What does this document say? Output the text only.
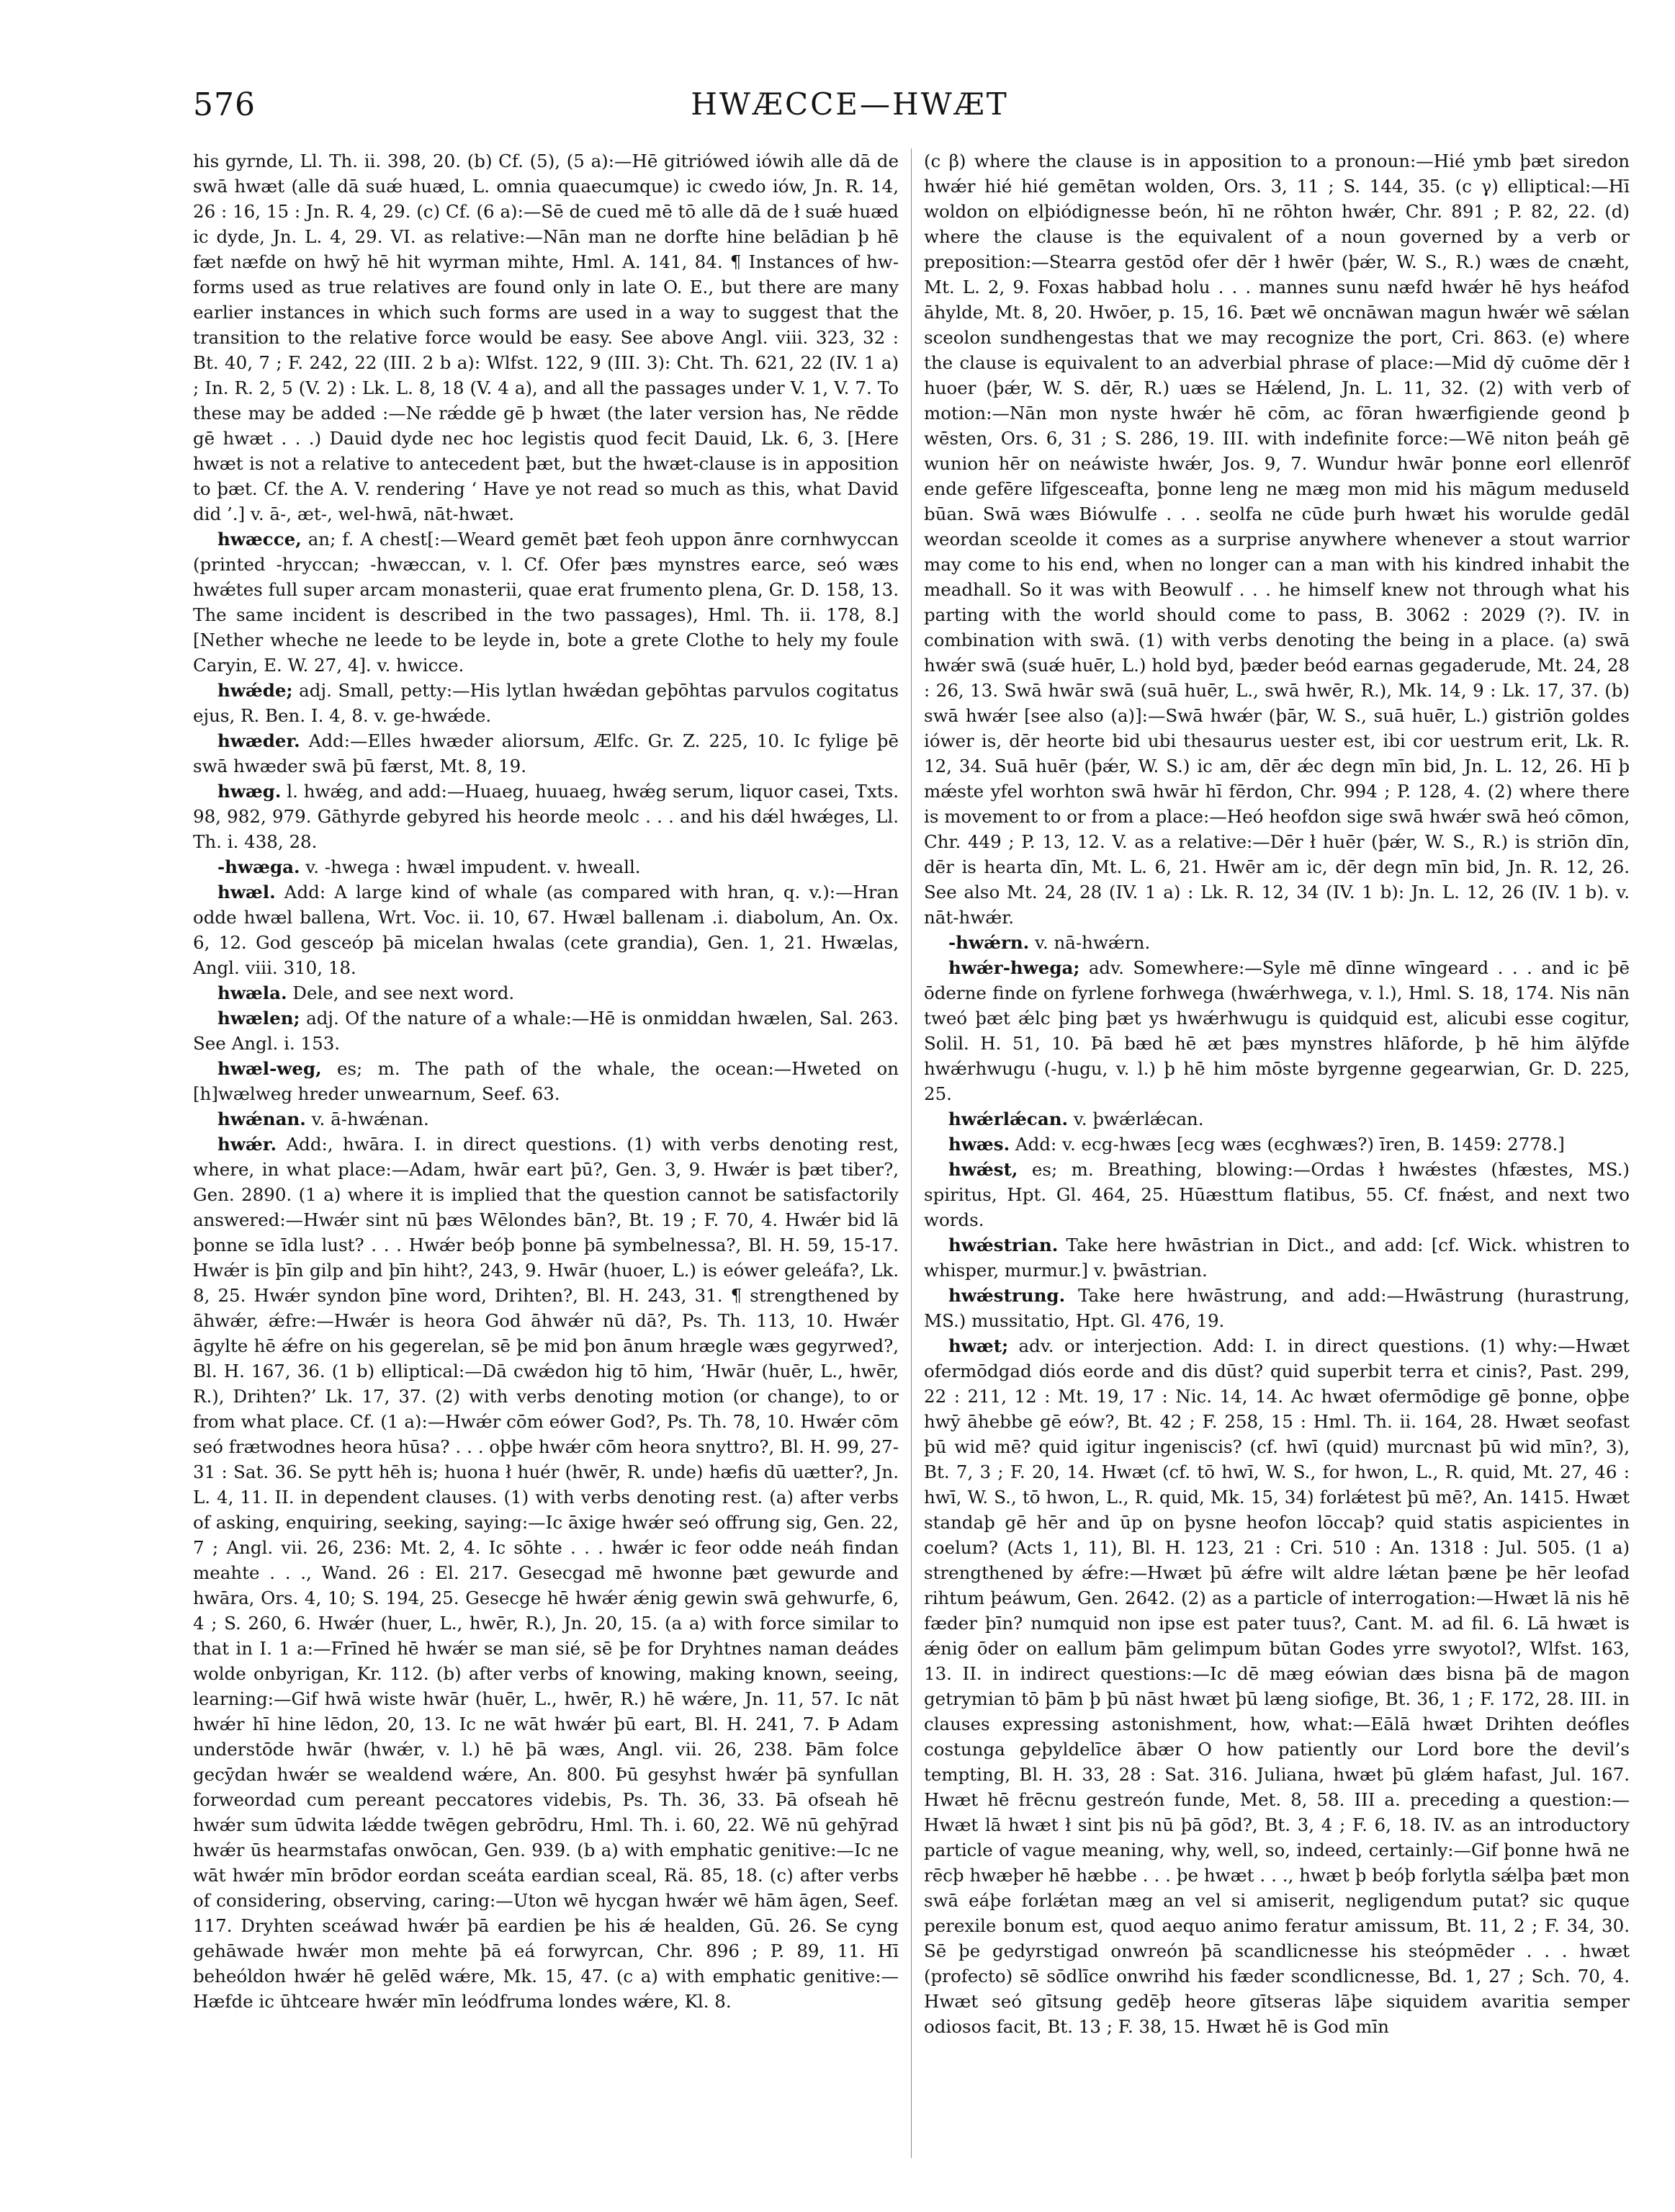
576	HWÆCCE—HWÆT

his gyrnde, Ll. Th. ii. 398, 20. (b) Cf. (5), (5 a):—Hē gitriówed iówih alle dā de swā hwæt (alle dā suǽ huæd, L. omnia quaecumque) ic cwedo iów, Jn. R. 14, 26 : 16, 15 : Jn. R. 4, 29. (c) Cf. (6 a):—Sē de cued mē tō alle dā de ł suǽ huæd ic dyde, Jn. L. 4, 29. VI. as relative:—Nān man ne dorfte hine belādian þ hē fæt næfde on hwȳ hē hit wyrman mihte, Hml. A. 141, 84. ¶ Instances of hw- forms used as true relatives are found only in late O. E., but there are many earlier instances in which such forms are used in a way to suggest that the transition to the relative force would be easy. See above Angl. viii. 323, 32 : Bt. 40, 7 ; F. 242, 22 (III. 2 b a): Wlfst. 122, 9 (III. 3): Cht. Th. 621, 22 (IV. 1 a) ; In. R. 2, 5 (V. 2) : Lk. L. 8, 18 (V. 4 a), and all the passages under V. 1, V. 7. To these may be added :—Ne rǽdde gē þ hwæt (the later version has, Ne rēdde gē hwæt . . .) Dauid dyde nec hoc legistis quod fecit Dauid, Lk. 6, 3. [Here hwæt is not a relative to antecedent þæt, but the hwæt-clause is in apposition to þæt. Cf. the A. V. rendering ‘ Have ye not read so much as this, what David did ’.] v. ā-, æt-, wel-hwā, nāt-hwæt.

hwæcce, an; f. A chest[:—Weard gemēt þæt feoh uppon ānre cornhwyccan (printed -hryccan; -hwæccan, v. l. Cf. Ofer þæs mynstres earce, seó wæs hwǽtes full super arcam monasterii, quae erat frumento plena, Gr. D. 158, 13. The same incident is described in the two passages), Hml. Th. ii. 178, 8.] [Nether wheche ne leede to be leyde in, bote a grete Clothe to hely my foule Caryin, E. W. 27, 4]. v. hwicce.

hwǽde; adj. Small, petty:—His lytlan hwǽdan geþōhtas parvulos cogitatus ejus, R. Ben. I. 4, 8. v. ge-hwǽde.

hwæder. Add:—Elles hwæder aliorsum, Ælfc. Gr. Z. 225, 10. Ic fylige þē swā hwæder swā þū færst, Mt. 8, 19.

hwæg. l. hwǽg, and add:—Huaeg, huuaeg, hwǽg serum, liquor casei, Txts. 98, 982, 979. Gāthyrde gebyred his heorde meolc . . . and his dǽl hwǽges, Ll. Th. i. 438, 28.

-hwæga. v. -hwega : hwæl impudent. v. hweall.

hwæl. Add: A large kind of whale (as compared with hran, q. v.):—Hran odde hwæl ballena, Wrt. Voc. ii. 10, 67. Hwæl ballenam .i. diabolum, An. Ox. 6, 12. God gesceóp þā micelan hwalas (cete grandia), Gen. 1, 21. Hwælas, Angl. viii. 310, 18.

hwæla. Dele, and see next word.

hwælen; adj. Of the nature of a whale:—Hē is onmiddan hwælen, Sal. 263. See Angl. i. 153.

hwæl-weg, es; m. The path of the whale, the ocean:—Hweted on [h]wælweg hreder unwearnum, Seef. 63.

hwǽnan. v. ā-hwǽnan.

hwǽr. Add:, hwāra. I. in direct questions. (1) with verbs denoting rest, where, in what place:—Adam, hwār eart þū?, Gen. 3, 9. Hwǽr is þæt tiber?, Gen. 2890. (1 a) where it is implied that the question cannot be satisfactorily answered:—Hwǽr sint nū þæs Wēlondes bān?, Bt. 19 ; F. 70, 4. Hwǽr bid lā þonne se īdla lust? . . . Hwǽr beóþ þonne þā symbelnessa?, Bl. H. 59, 15-17. Hwǽr is þīn gilp and þīn hiht?, 243, 9. Hwār (huoer, L.) is eówer geleáfa?, Lk. 8, 25. Hwǽr syndon þīne word, Drihten?, Bl. H. 243, 31. ¶ strengthened by āhwǽr, ǽfre:—Hwǽr is heora God āhwǽr nū dā?, Ps. Th. 113, 10. Hwǽr āgylte hē ǽfre on his gegerelan, sē þe mid þon ānum hrægle wæs gegyrwed?, Bl. H. 167, 36. (1 b) elliptical:—Dā cwǽdon hig tō him, ‘Hwār (huēr, L., hwēr, R.), Drihten?’ Lk. 17, 37. (2) with verbs denoting motion (or change), to or from what place. Cf. (1 a):—Hwǽr cōm eówer God?, Ps. Th. 78, 10. Hwǽr cōm seó frætwodnes heora hūsa? . . . oþþe hwǽr cōm heora snyttro?, Bl. H. 99, 27-31 : Sat. 36. Se pytt hēh is; huona ł huér (hwēr, R. unde) hæfis dū uætter?, Jn. L. 4, 11. II. in dependent clauses. (1) with verbs denoting rest. (a) after verbs of asking, enquiring, seeking, saying:—Ic āxige hwǽr seó offrung sig, Gen. 22, 7 ; Angl. vii. 26, 236: Mt. 2, 4. Ic sōhte . . . hwǽr ic feor odde neáh findan meahte . . ., Wand. 26 : El. 217. Gesecgad mē hwonne þæt gewurde and hwāra, Ors. 4, 10; S. 194, 25. Gesecge hē hwǽr ǽnig gewin swā gehwurfe, 6, 4 ; S. 260, 6. Hwǽr (huer, L., hwēr, R.), Jn. 20, 15. (a a) with force similar to that in I. 1 a:—Frīned hē hwǽr se man sié, sē þe for Dryhtnes naman deádes wolde onbyrigan, Kr. 112. (b) after verbs of knowing, making known, seeing, learning:—Gif hwā wiste hwār (huēr, L., hwēr, R.) hē wǽre, Jn. 11, 57. Ic nāt hwǽr hī hine lēdon, 20, 13. Ic ne wāt hwǽr þū eart, Bl. H. 241, 7. Þ Adam understōde hwār (hwǽr, v. l.) hē þā wæs, Angl. vii. 26, 238. Þām folce gecȳdan hwǽr se wealdend wǽre, An. 800. Þū gesyhst hwǽr þā synfullan forweordad cum pereant peccatores videbis, Ps. Th. 36, 33. Þā ofseah hē hwǽr sum ūdwita lǽdde twēgen gebrōdru, Hml. Th. i. 60, 22. Wē nū gehȳrad hwǽr ūs hearmstafas onwōcan, Gen. 939. (b a) with emphatic genitive:—Ic ne wāt hwǽr mīn brōdor eordan sceáta eardian sceal, Rä. 85, 18. (c) after verbs of considering, observing, caring:—Uton wē hycgan hwǽr wē hām āgen, Seef. 117. Dryhten sceáwad hwǽr þā eardien þe his ǽ healden, Gū. 26. Se cyng gehāwade hwǽr mon mehte þā eá forwyrcan, Chr. 896 ; P. 89, 11. Hī beheóldon hwǽr hē gelēd wǽre, Mk. 15, 47. (c a) with emphatic genitive:—Hæfde ic ūhtceare hwǽr mīn leódfruma londes wǽre, Kl. 8.

(c β) where the clause is in apposition to a pronoun:—Hié ymb þæt siredon hwǽr hié hié gemētan wolden, Ors. 3, 11 ; S. 144, 35. (c γ) elliptical:—Hī woldon on elþiódignesse beón, hī ne rōhton hwǽr, Chr. 891 ; P. 82, 22. (d) where the clause is the equivalent of a noun governed by a verb or preposition:—Stearra gestōd ofer dēr ł hwēr (þǽr, W. S., R.) wæs de cnæht, Mt. L. 2, 9. Foxas habbad holu . . . mannes sunu næfd hwǽr hē hys heáfod āhylde, Mt. 8, 20. Hwōer, p. 15, 16. Þæt wē oncnāwan magun hwǽr wē sǽlan sceolon sundhengestas that we may recognize the port, Cri. 863. (e) where the clause is equivalent to an adverbial phrase of place:—Mid dȳ cuōme dēr ł huoer (þǽr, W. S. dēr, R.) uæs se Hǽlend, Jn. L. 11, 32. (2) with verb of motion:—Nān mon nyste hwǽr hē cōm, ac fōran hwærfigiende geond þ wēsten, Ors. 6, 31 ; S. 286, 19. III. with indefinite force:—Wē niton þeáh gē wunion hēr on neáwiste hwǽr, Jos. 9, 7. Wundur hwār þonne eorl ellenrōf ende gefēre līfgesceafta, þonne leng ne mæg mon mid his māgum meduseld būan. Swā wæs Biówulfe . . . seolfa ne cūde þurh hwæt his worulde gedāl weordan sceolde it comes as a surprise anywhere whenever a stout warrior may come to his end, when no longer can a man with his kindred inhabit the meadhall. So it was with Beowulf . . . he himself knew not through what his parting with the world should come to pass, B. 3062 : 2029 (?). IV. in combination with swā. (1) with verbs denoting the being in a place. (a) swā hwǽr swā (suǽ huēr, L.) hold byd, þæder beód earnas gegaderude, Mt. 24, 28 : 26, 13. Swā hwār swā (suā huēr, L., swā hwēr, R.), Mk. 14, 9 : Lk. 17, 37. (b) swā hwǽr [see also (a)]:—Swā hwǽr (þār, W. S., suā huēr, L.) gistriōn goldes iówer is, dēr heorte bid ubi thesaurus uester est, ibi cor uestrum erit, Lk. R. 12, 34. Suā huēr (þǽr, W. S.) ic am, dēr ǽc degn mīn bid, Jn. L. 12, 26. Hī þ mǽste yfel worhton swā hwār hī fērdon, Chr. 994 ; P. 128, 4. (2) where there is movement to or from a place:—Heó heofdon sige swā hwǽr swā heó cōmon, Chr. 449 ; P. 13, 12. V. as a relative:—Dēr ł huēr (þǽr, W. S., R.) is striōn dīn, dēr is hearta dīn, Mt. L. 6, 21. Hwēr am ic, dēr degn mīn bid, Jn. R. 12, 26. See also Mt. 24, 28 (IV. 1 a) : Lk. R. 12, 34 (IV. 1 b): Jn. L. 12, 26 (IV. 1 b). v. nāt-hwǽr.

-hwǽrn. v. nā-hwǽrn.

hwǽr-hwega; adv. Somewhere:—Syle mē dīnne wīngeard . . . and ic þē ōderne finde on fyrlene forhwega (hwǽrhwega, v. l.), Hml. S. 18, 174. Nis nān tweó þæt ǽlc þing þæt ys hwǽrhwugu is quidquid est, alicubi esse cogitur, Solil. H. 51, 10. Þā bæd hē æt þæs mynstres hlāforde, þ hē him ālȳfde hwǽrhwugu (-hugu, v. l.) þ hē him mōste byrgenne gegearwian, Gr. D. 225, 25.

hwǽrlǽcan. v. þwǽrlǽcan.

hwæs. Add: v. ecg-hwæs [ecg wæs (ecghwæs?) īren, B. 1459: 2778.]

hwǽst, es; m. Breathing, blowing:—Ordas ł hwǽstes (hfæstes, MS.) spiritus, Hpt. Gl. 464, 25. Hūæsttum flatibus, 55. Cf. fnǽst, and next two words.

hwǽstrian. Take here hwāstrian in Dict., and add: [cf. Wick. whistren to whisper, murmur.] v. þwāstrian.

hwǽstrung. Take here hwāstrung, and add:—Hwāstrung (hurastrung, MS.) mussitatio, Hpt. Gl. 476, 19.

hwæt; adv. or interjection. Add: I. in direct questions. (1) why:—Hwæt ofermōdgad diós eorde and dis dūst? quid superbit terra et cinis?, Past. 299, 22 : 211, 12 : Mt. 19, 17 : Nic. 14, 14. Ac hwæt ofermōdige gē þonne, oþþe hwȳ āhebbe gē eów?, Bt. 42 ; F. 258, 15 : Hml. Th. ii. 164, 28. Hwæt seofast þū wid mē? quid igitur ingeniscis? (cf. hwī (quid) murcnast þū wid mīn?, 3), Bt. 7, 3 ; F. 20, 14. Hwæt (cf. tō hwī, W. S., for hwon, L., R. quid, Mt. 27, 46 : hwī, W. S., tō hwon, L., R. quid, Mk. 15, 34) forlǽtest þū mē?, An. 1415. Hwæt standaþ gē hēr and ūp on þysne heofon lōccaþ? quid statis aspicientes in coelum? (Acts 1, 11), Bl. H. 123, 21 : Cri. 510 : An. 1318 : Jul. 505. (1 a) strengthened by ǽfre:—Hwæt þū ǽfre wilt aldre lǽtan þæne þe hēr leofad rihtum þeáwum, Gen. 2642. (2) as a particle of interrogation:—Hwæt lā nis hē fæder þīn? numquid non ipse est pater tuus?, Cant. M. ad fil. 6. Lā hwæt is ǽnig ōder on eallum þām gelimpum būtan Godes yrre swyotol?, Wlfst. 163, 13. II. in indirect questions:—Ic dē mæg eówian dæs bisna þā de magon getrymian tō þām þ þū nāst hwæt þū læng siofige, Bt. 36, 1 ; F. 172, 28. III. in clauses expressing astonishment, how, what:—Eālā hwæt Drihten deófles costunga geþyldelīce ābær O how patiently our Lord bore the devil’s tempting, Bl. H. 33, 28 : Sat. 316. Juliana, hwæt þū glǽm hafast, Jul. 167. Hwæt hē frēcnu gestreón funde, Met. 8, 58. III a. preceding a question:—Hwæt lā hwæt ł sint þis nū þā gōd?, Bt. 3, 4 ; F. 6, 18. IV. as an introductory particle of vague meaning, why, well, so, indeed, certainly:—Gif þonne hwā ne rēcþ hwæþer hē hæbbe . . . þe hwæt . . ., hwæt þ beóþ forlytla sǽlþa þæt mon swā eáþe forlǽtan mæg an vel si amiserit, negligendum putat? sic quque perexile bonum est, quod aequo animo feratur amissum, Bt. 11, 2 ; F. 34, 30. Sē þe gedyrstigad onwreón þā scandlicnesse his steópmēder . . . hwæt (profecto) sē sōdlīce onwrihd his fæder scondlicnesse, Bd. 1, 27 ; Sch. 70, 4. Hwæt seó gītsung gedēþ heore gītseras lāþe siquidem avaritia semper odiosos facit, Bt. 13 ; F. 38, 15. Hwæt hē is God mīn
